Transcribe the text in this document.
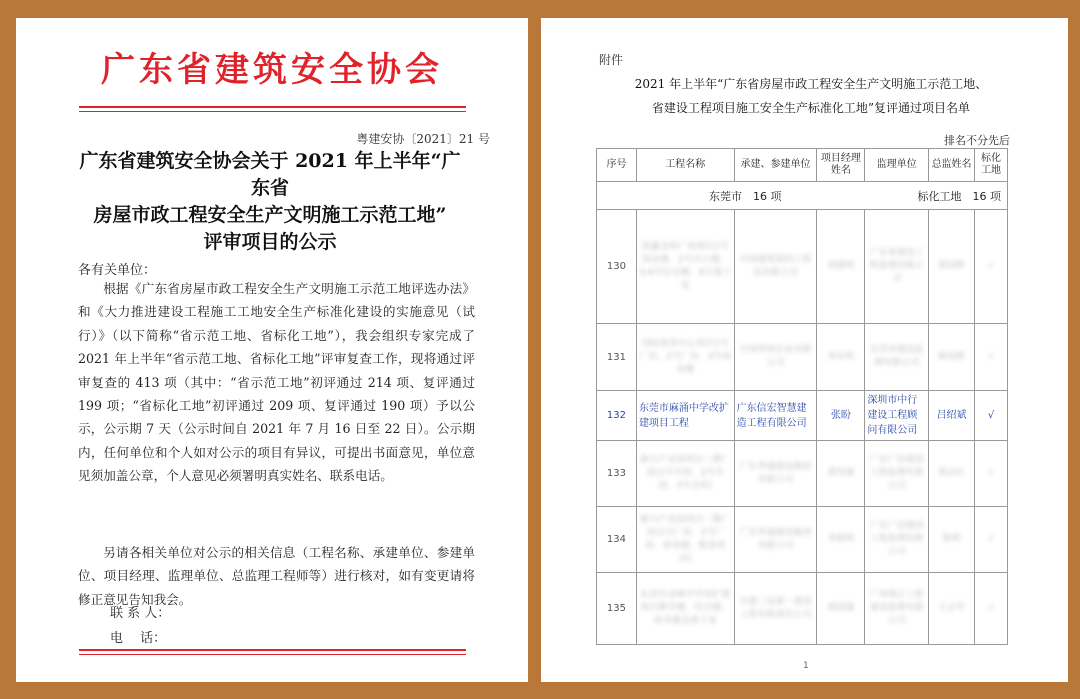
广东省建筑安全协会
粤建安协〔2021〕21 号
广东省建筑安全协会关于 2021 年上半年“广东省
房屋市政工程安全生产文明施工示范工地”
评审项目的公示
各有关单位：

根据《广东省房屋市政工程安全生产文明施工示范工地评选办法》和《大力推进建设工程施工工地安全生产标准化建设的实施意见（试行）》（以下简称“省示范工地、省标化工地”），我会组织专家完成了 2021 年上半年“省示范工地、省标化工地”评审复查工作，现将通过评审复查的 413 项（其中：“省示范工地”初评通过 214 项、复评通过 199 项；“省标化工地”初评通过 209 项、复评通过 190 项）予以公示，公示期 7 天（公示时间自 2021 年 7 月 16 日至 22 日）。公示期内，任何单位和个人如对公示的项目有异议，可提出书面意见，单位意见须加盖公章，个人意见必须署明真实姓名、联系电话。

另请各相关单位对公示的相关信息（工程名称、承建单位、参建单位、项目经理、监理单位、总监理工程师等）进行核对，如有变更请将修正意见告知我会。

联 系 人：
电　 话：
附件
2021 年上半年“广东省房屋市政工程安全生产文明施工示范工地、
省建设工程项目施工安全生产标准化工地”复评通过项目名单
排名不分先后
序号	工程名称	承建、参建单位	项目经理姓名	监理单位	总监姓名	标化工地

东莞市　 16 项 标化工地　 16 项						

130	凯鑫金科广场项目1号商业楼、2号办公楼、3-6号住宅楼、8号地下室	中国建筑第四工程局有限公司	胡建明	广东省建设工程监理有限公司	梁国辉	√
131	国际商务中心项目1号厂房、2号厂房、3号宿舍楼	中国华西企业有限公司	李东明	东莞市建设监理有限公司	陈国胜	√
132	东莞市麻涌中学改扩建项目工程	广东信宏智慧建造工程有限公司	张盼	深圳市中行建设工程顾问有限公司	吕绍斌	√
133	新兴产业园项目二期厂房(1号车间、2号车间、3号仓库)	广东华诚建设集团有限公司	黄伟强	广东广信建设工程监理有限公司	郑志红	√
134	新兴产业园项目一期厂房(1号厂房、2号厂房、宿舍楼、配套用房)	广东华诚建设集团有限公司	李振明	广东广信建设工程监理有限公司	陈明	√
135	东莞市金峰中学改扩建项目教学楼、综合楼、宿舍楼及地下室	中建三局第一建设工程有限责任公司	周国强	广州珠江工程建设监理有限公司	王志军	√
1
